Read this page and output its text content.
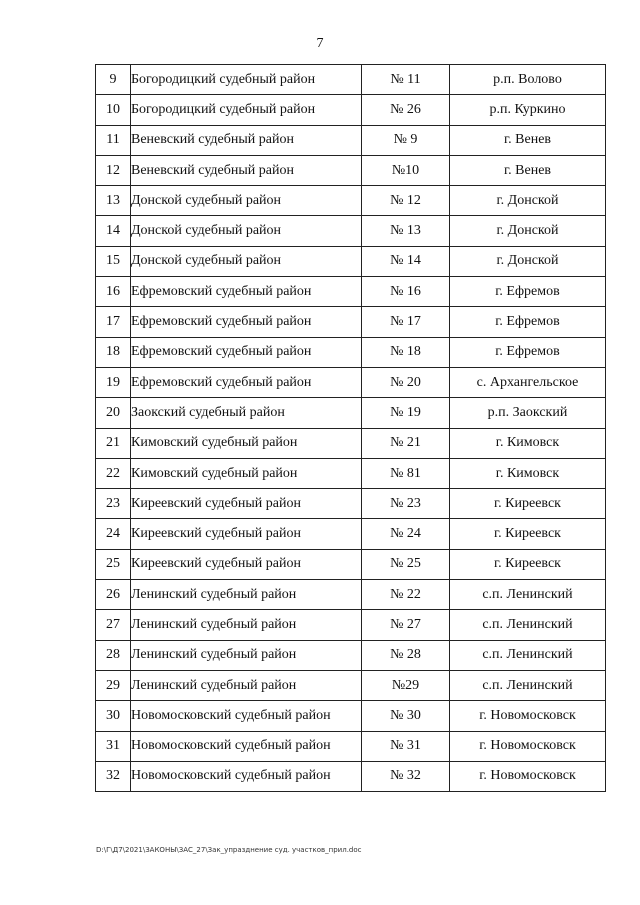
7
9	Богородицкий судебный район	№ 11	р.п. Волово
10	Богородицкий судебный район	№ 26	р.п. Куркино
11	Веневский судебный район	№ 9	г. Венев
12	Веневский судебный район	№10	г. Венев
13	Донской судебный район	№ 12	г. Донской
14	Донской судебный район	№ 13	г. Донской
15	Донской судебный район	№ 14	г. Донской
16	Ефремовский судебный район	№ 16	г. Ефремов
17	Ефремовский судебный район	№ 17	г. Ефремов
18	Ефремовский судебный район	№ 18	г. Ефремов
19	Ефремовский судебный район	№ 20	с. Архангельское
20	Заокский судебный район	№ 19	р.п. Заокский
21	Кимовский судебный район	№ 21	г. Кимовск
22	Кимовский судебный район	№ 81	г. Кимовск
23	Киреевский судебный район	№ 23	г. Киреевск
24	Киреевский судебный район	№ 24	г. Киреевск
25	Киреевский судебный район	№ 25	г. Киреевск
26	Ленинский судебный район	№ 22	с.п. Ленинский
27	Ленинский судебный район	№ 27	с.п. Ленинский
28	Ленинский судебный район	№ 28	с.п. Ленинский
29	Ленинский судебный район	№29	с.п. Ленинский
30	Новомосковский судебный район	№ 30	г. Новомосковск
31	Новомосковский судебный район	№ 31	г. Новомосковск
32	Новомосковский судебный район	№ 32	г. Новомосковск
D:\Г\Д7\2021\ЗАКОНЫ\ЗАС_27\Зак_упразднение суд. участков_прил.doc
